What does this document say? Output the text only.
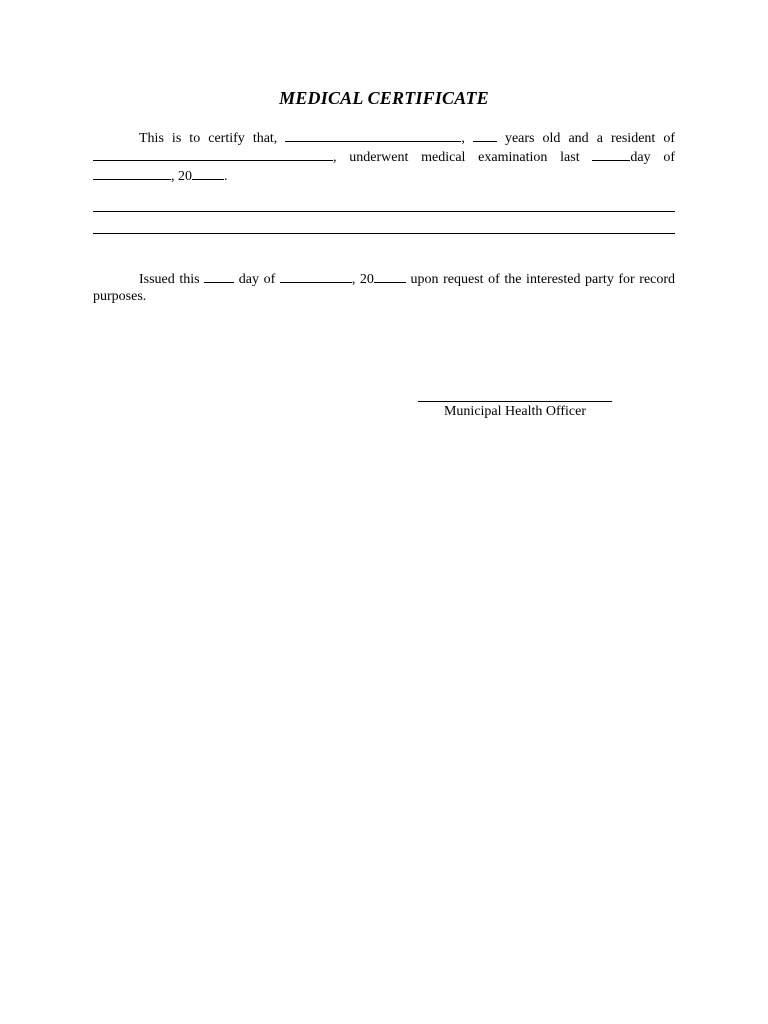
MEDICAL CERTIFICATE

This is to certify that,	,	years old and a resident of , underwent medical examination last	day of , 20 .

Issued this	day of	, 20	upon request of the interested party for record purposes.

Municipal Health Officer
